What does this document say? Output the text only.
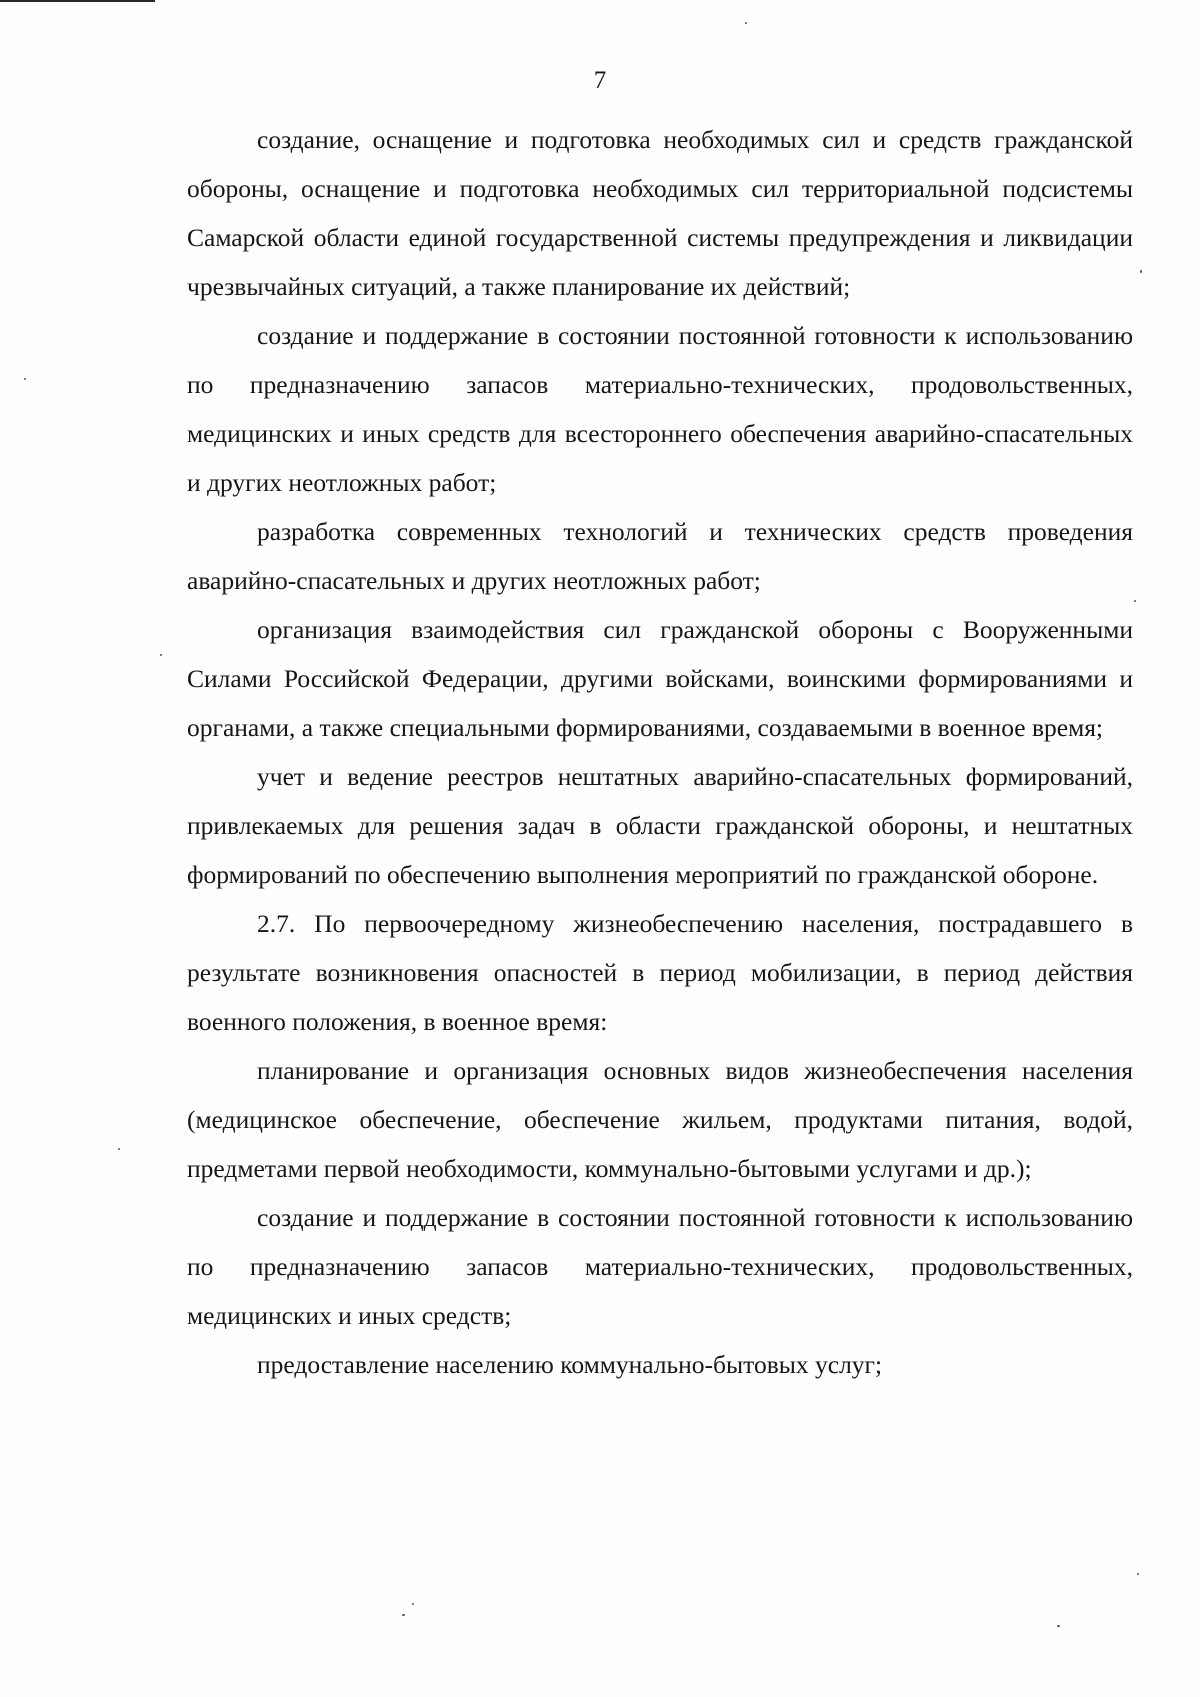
7

создание, оснащение и подготовка необходимых сил и средств гражданской обороны, оснащение и подготовка необходимых сил территориальной подсистемы Самарской области единой государственной системы предупреждения и ликвидации чрезвычайных ситуаций, а также планирование их действий;

создание и поддержание в состоянии постоянной готовности к использованию по предназначению запасов материально-технических, продовольственных, медицинских и иных средств для всестороннего обеспечения аварийно-спасательных и других неотложных работ;

разработка современных технологий и технических средств проведения аварийно-спасательных и других неотложных работ;

организация взаимодействия сил гражданской обороны с Вооруженными Силами Российской Федерации, другими войсками, воинскими формированиями и органами, а также специальными формированиями, создаваемыми в военное время;

учет и ведение реестров нештатных аварийно-спасательных формирований, привлекаемых для решения задач в области гражданской обороны, и нештатных формирований по обеспечению выполнения мероприятий по гражданской обороне.

2.7. По первоочередному жизнеобеспечению населения, пострадавшего в результате возникновения опасностей в период мобилизации, в период действия военного положения, в военное время:

планирование и организация основных видов жизнеобеспечения населения (медицинское обеспечение, обеспечение жильем, продуктами питания, водой, предметами первой необходимости, коммунально-бытовыми услугами и др.);

создание и поддержание в состоянии постоянной готовности к использованию по предназначению запасов материально-технических, продовольственных, медицинских и иных средств;

предоставление населению коммунально-бытовых услуг;
